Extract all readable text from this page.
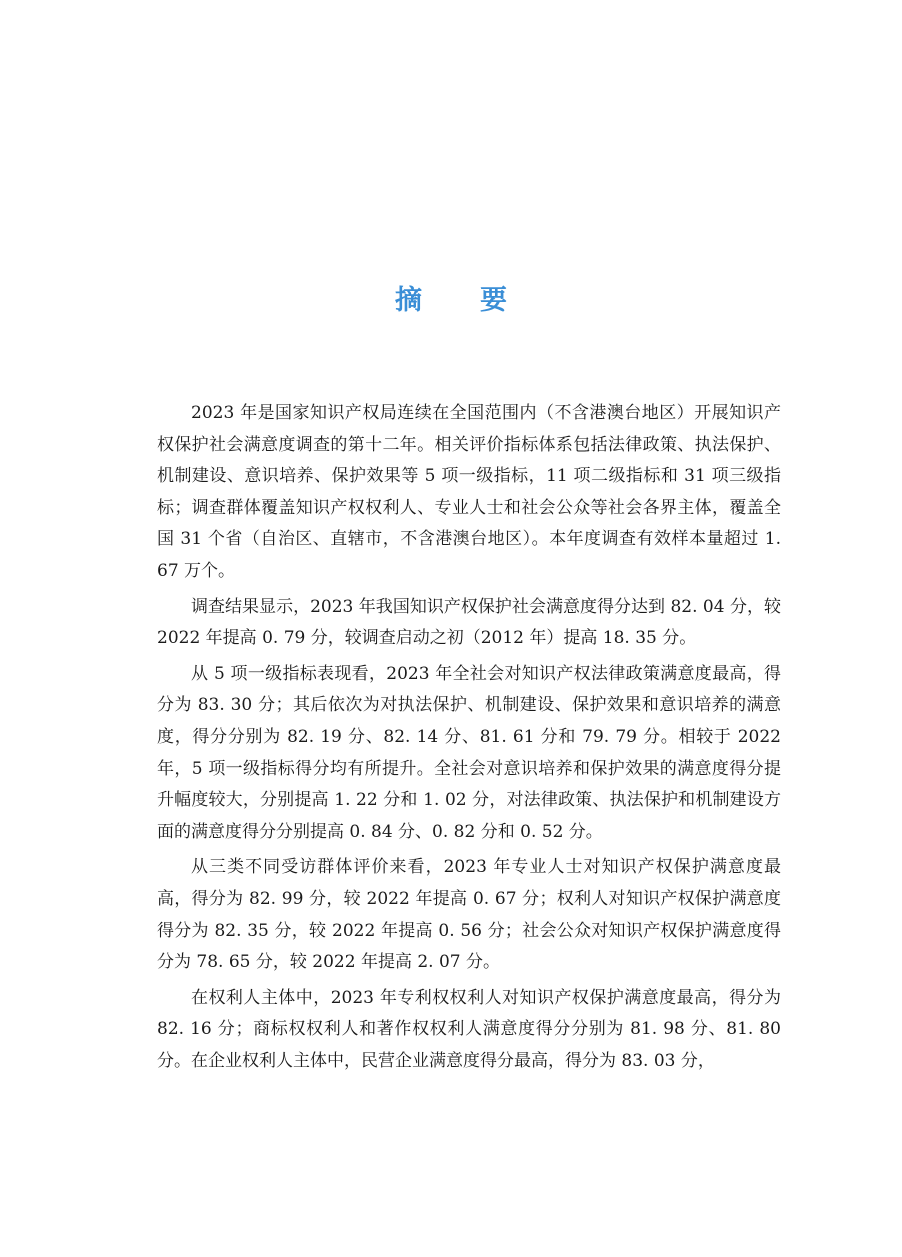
摘 要

2023 年是国家知识产权局连续在全国范围内（不含港澳台地区）开展知识产权保护社会满意度调查的第十二年。相关评价指标体系包括法律政策、执法保护、机制建设、意识培养、保护效果等 5 项一级指标，11 项二级指标和 31 项三级指标；调查群体覆盖知识产权权利人、专业人士和社会公众等社会各界主体，覆盖全国 31 个省（自治区、直辖市，不含港澳台地区）。本年度调查有效样本量超过 1. 67 万个。

调查结果显示，2023 年我国知识产权保护社会满意度得分达到 82. 04 分，较 2022 年提高 0. 79 分，较调查启动之初（2012 年）提高 18. 35 分。

从 5 项一级指标表现看，2023 年全社会对知识产权法律政策满意度最高，得分为 83. 30 分；其后依次为对执法保护、机制建设、保护效果和意识培养的满意度，得分分别为 82. 19 分、82. 14 分、81. 61 分和 79. 79 分。相较于 2022 年，5 项一级指标得分均有所提升。全社会对意识培养和保护效果的满意度得分提升幅度较大，分别提高 1. 22 分和 1. 02 分，对法律政策、执法保护和机制建设方面的满意度得分分别提高 0. 84 分、0. 82 分和 0. 52 分。

从三类不同受访群体评价来看，2023 年专业人士对知识产权保护满意度最高，得分为 82. 99 分，较 2022 年提高 0. 67 分；权利人对知识产权保护满意度得分为 82. 35 分，较 2022 年提高 0. 56 分；社会公众对知识产权保护满意度得分为 78. 65 分，较 2022 年提高 2. 07 分。

在权利人主体中，2023 年专利权权利人对知识产权保护满意度最高，得分为 82. 16 分；商标权权利人和著作权权利人满意度得分分别为 81. 98 分、81. 80 分。在企业权利人主体中，民营企业满意度得分最高，得分为 83. 03 分，
